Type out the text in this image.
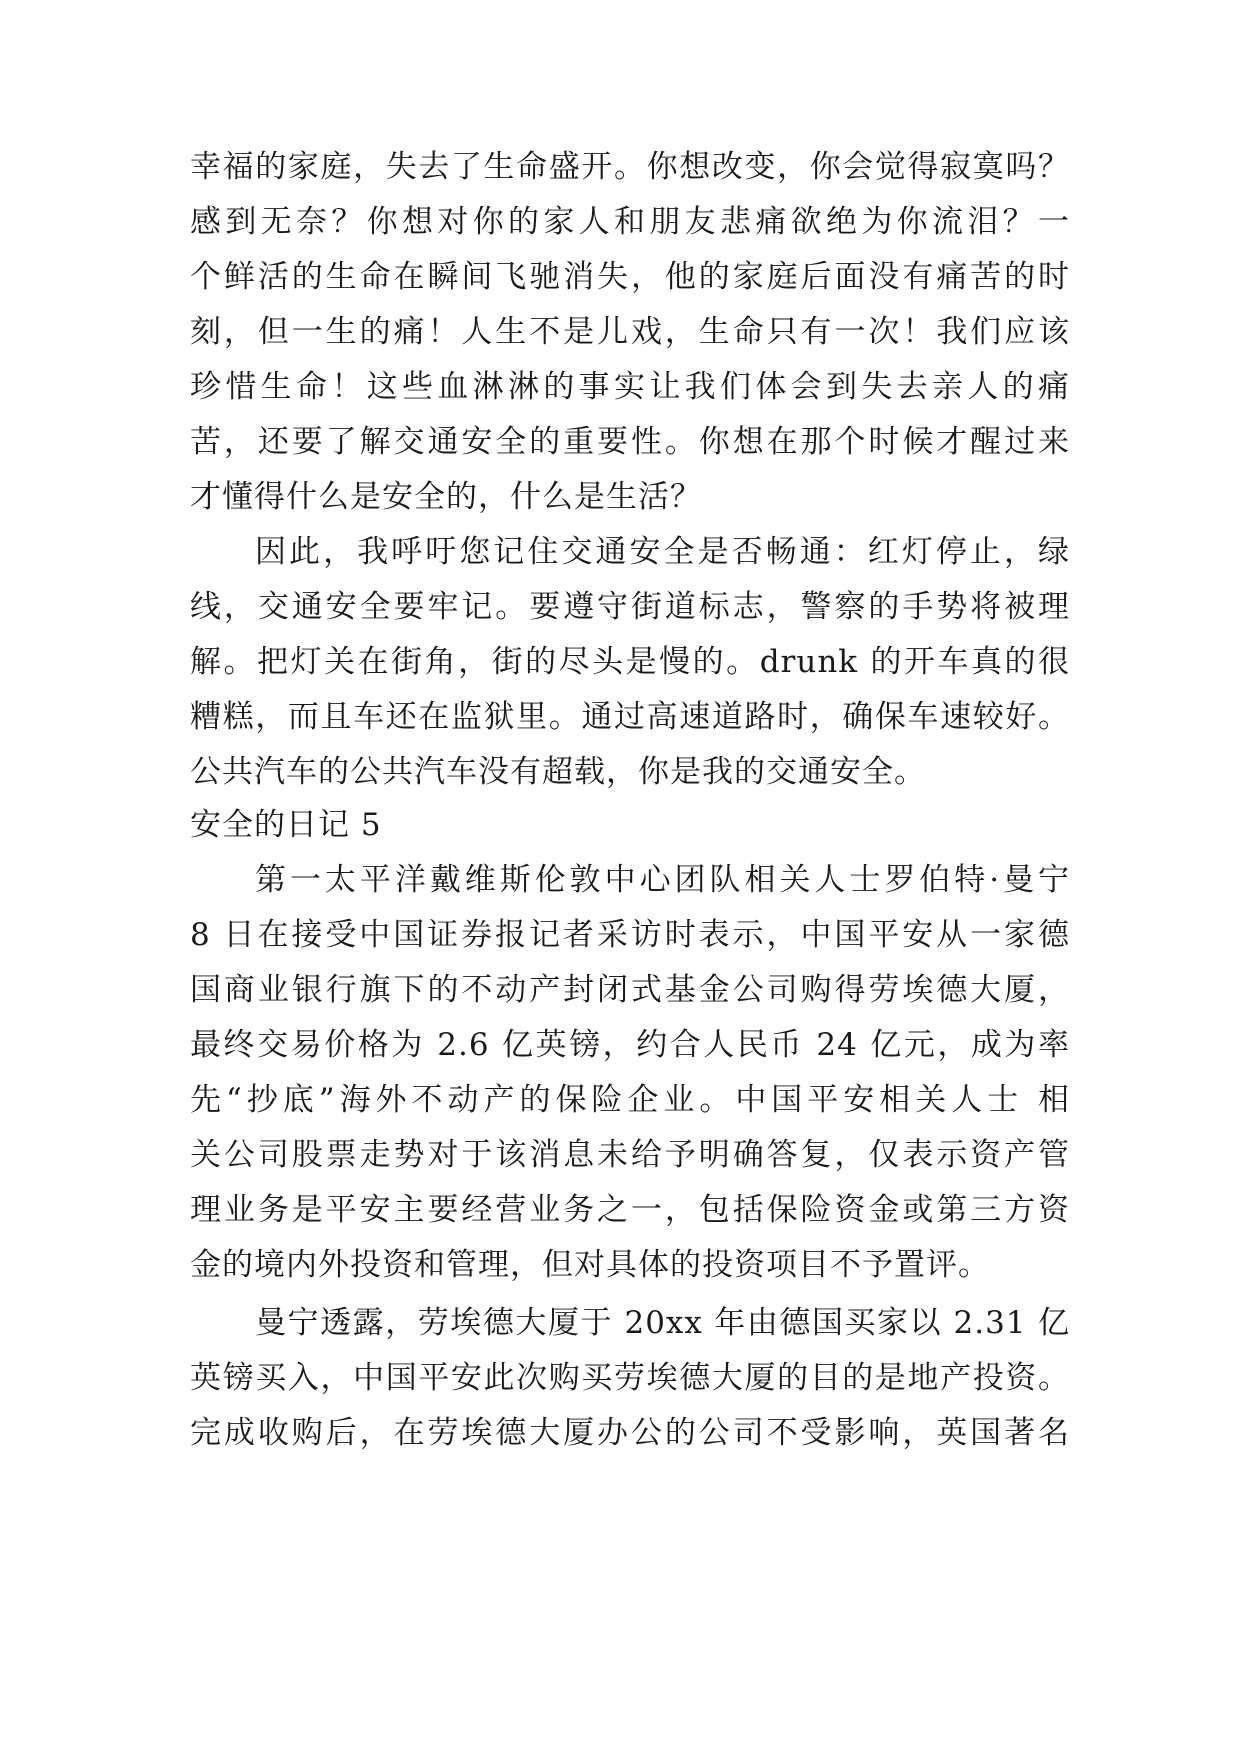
幸福的家庭，失去了生命盛开。你想改变，你会觉得寂寞吗？
感到无奈？你想对你的家人和朋友悲痛欲绝为你流泪？一
个鲜活的生命在瞬间飞驰消失，他的家庭后面没有痛苦的时
刻，但一生的痛！人生不是儿戏，生命只有一次！我们应该
珍惜生命！这些血淋淋的事实让我们体会到失去亲人的痛
苦，还要了解交通安全的重要性。你想在那个时候才醒过来
才懂得什么是安全的，什么是生活？
因此，我呼吁您记住交通安全是否畅通：红灯停止，绿
线，交通安全要牢记。要遵守街道标志，警察的手势将被理
解。把灯关在街角，街的尽头是慢的。drunk 的开车真的很
糟糕，而且车还在监狱里。通过高速道路时，确保车速较好。
公共汽车的公共汽车没有超载，你是我的交通安全。
安全的日记 5
第一太平洋戴维斯伦敦中心团队相关人士罗伯特·曼宁
8 日在接受中国证券报记者采访时表示，中国平安从一家德
国商业银行旗下的不动产封闭式基金公司购得劳埃德大厦，
最终交易价格为 2.6 亿英镑，约合人民币 24 亿元，成为率
先“抄底”海外不动产的保险企业。中国平安相关人士 相
关公司股票走势对于该消息未给予明确答复，仅表示资产管
理业务是平安主要经营业务之一，包括保险资金或第三方资
金的境内外投资和管理，但对具体的投资项目不予置评。
曼宁透露，劳埃德大厦于 20xx 年由德国买家以 2.31 亿
英镑买入，中国平安此次购买劳埃德大厦的目的是地产投资。
完成收购后，在劳埃德大厦办公的公司不受影响，英国著名
